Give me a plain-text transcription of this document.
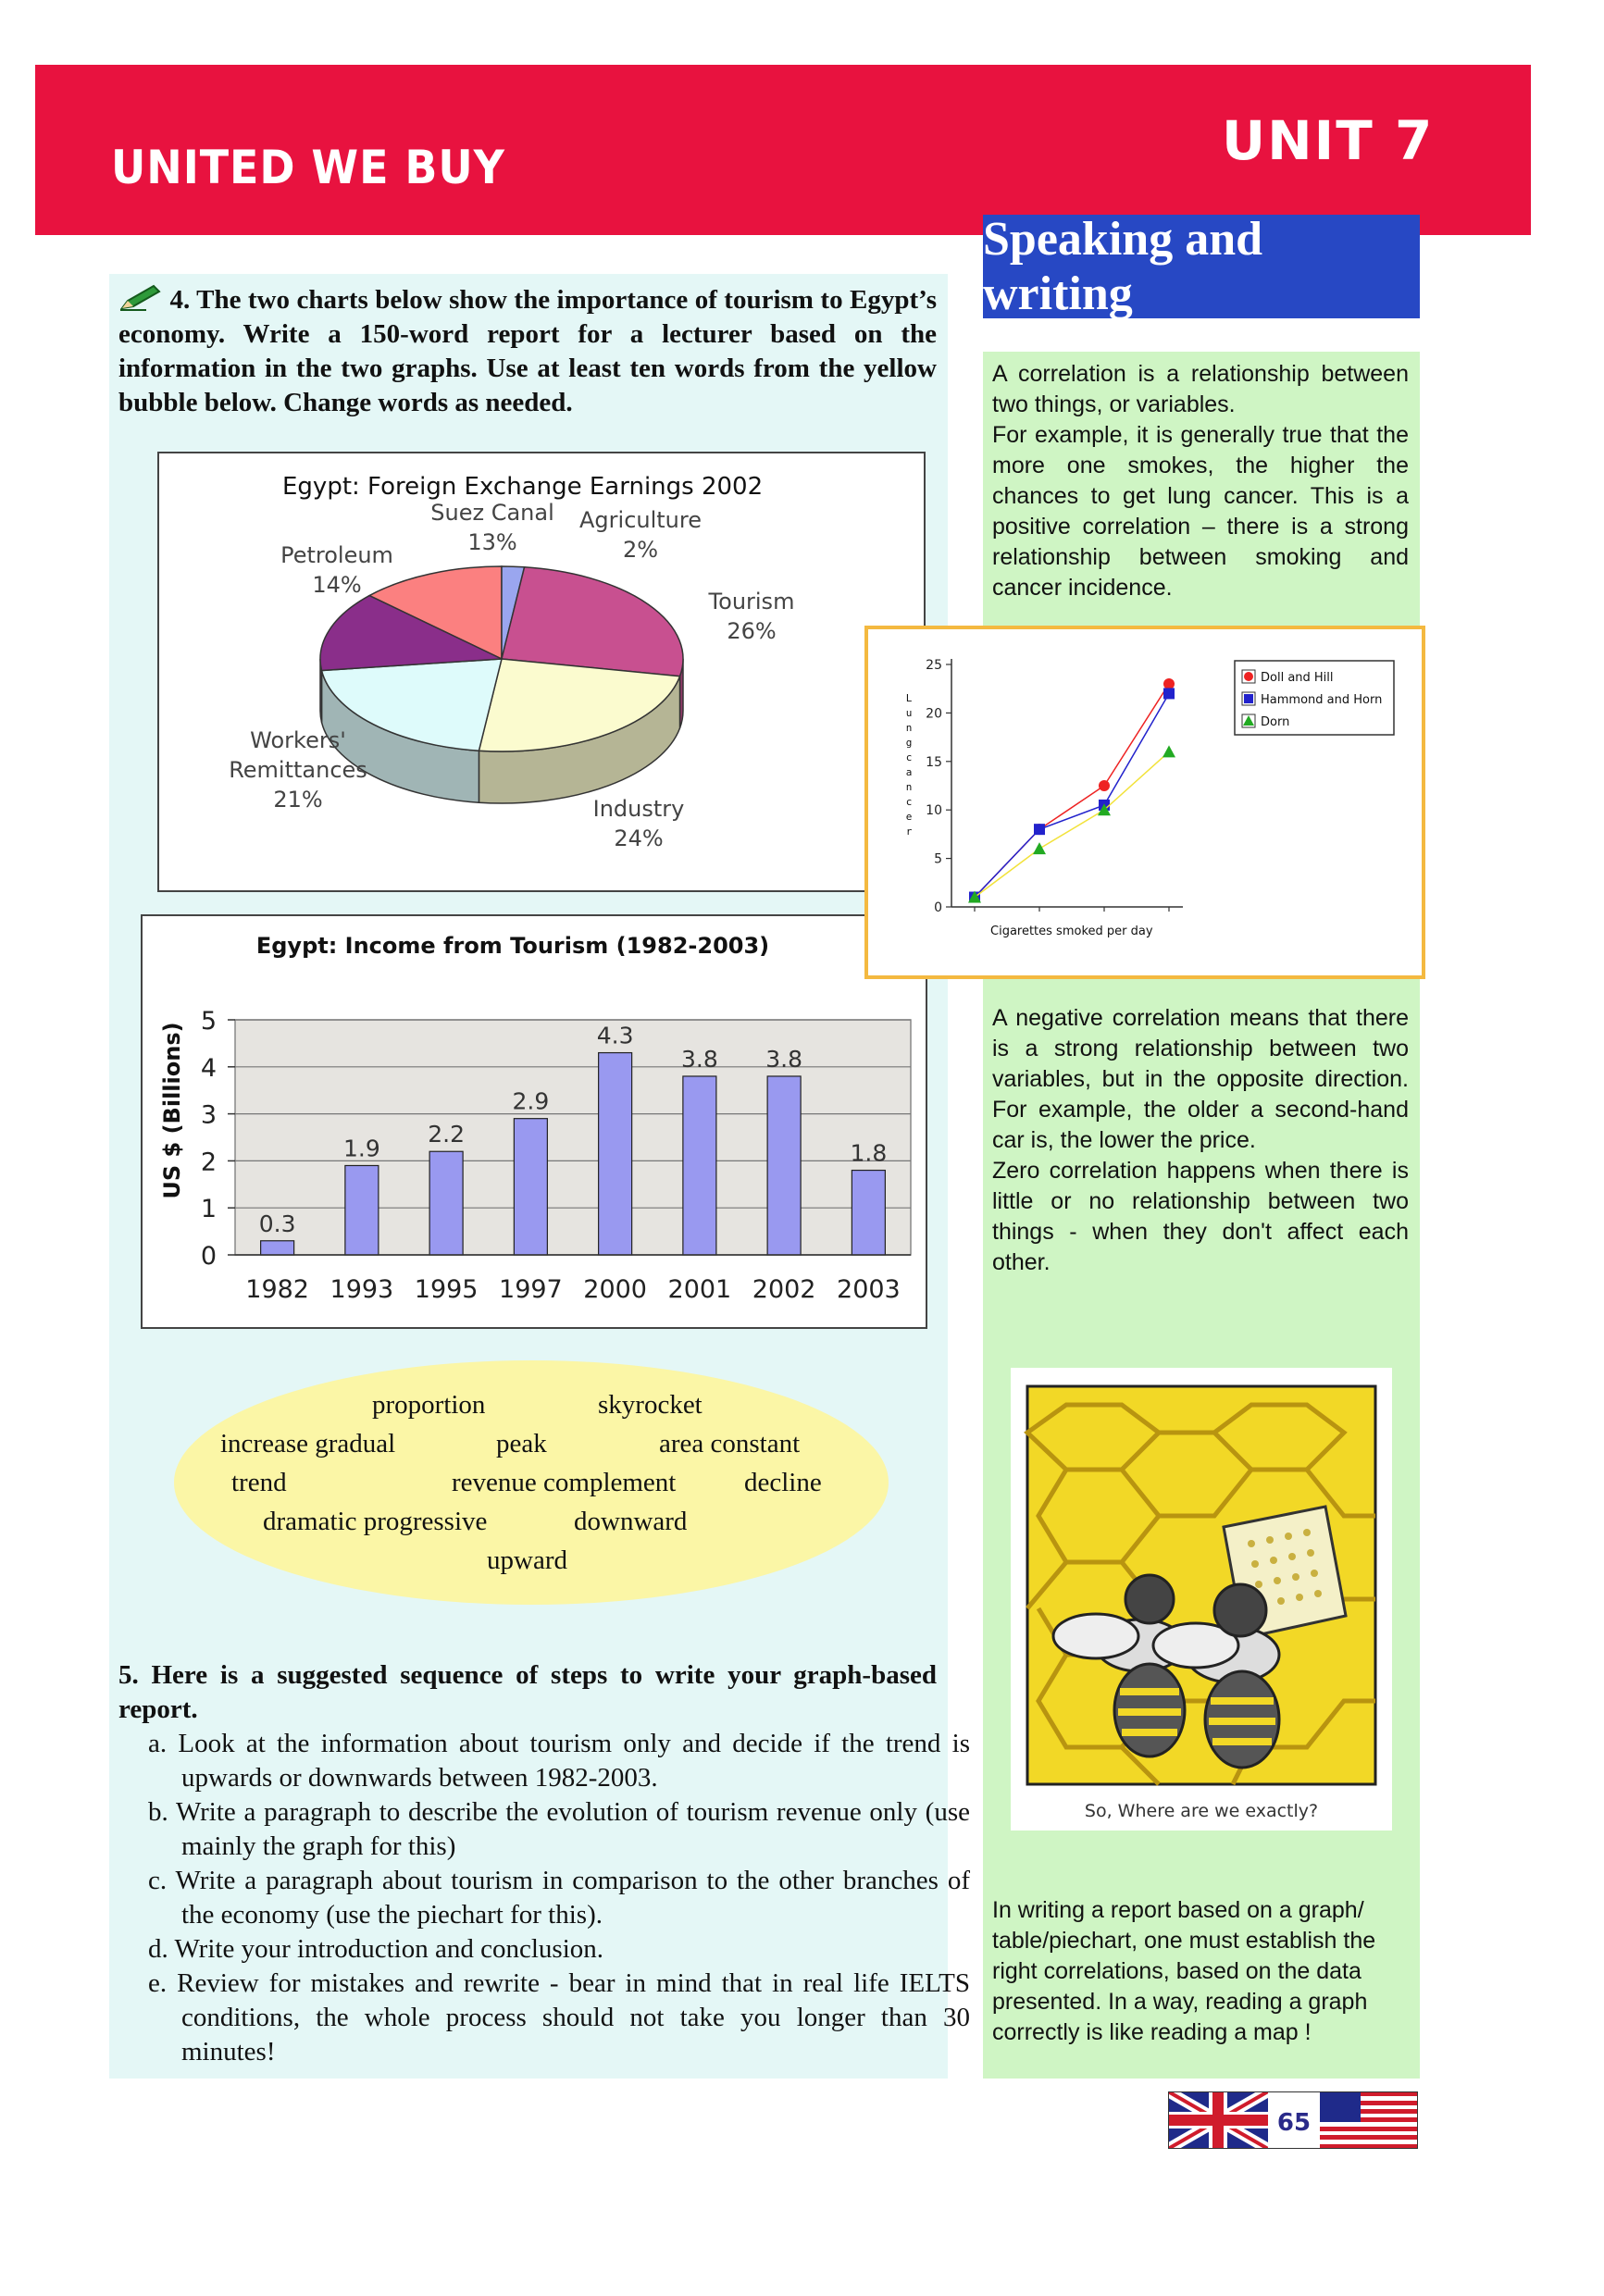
UNITED WE BUY	UNIT 7
Speaking and writing
4. The two charts below show the importance of tourism to Egypt’s economy. Write a 150-word report for a lecturer based on the information in the two graphs. Use at least ten words from the yellow bubble below. Change words as needed.
Egypt: Foreign Exchange Earnings 2002
Suez Canal
13%
Agriculture
2%
Tourism
26%
Industry
24%
Workers'
Remittances
21%
Petroleum
14%
Egypt: Income from Tourism (1982-2003)
US $ (Billions)
0
1
2
3
4
5
0.3
1982
1.9
1993
2.2
1995
2.9
1997
4.3
2000
3.8
2001
3.8
2002
1.8
2003
Cigarettes smoked per day
L
u
n
g
c
a
n
c
e
r
0
5
10
15
20
25
Doll and Hill
Hammond and Horn
Dorn
A correlation is a relationship between two things, or variables.
For example, it is generally true that the more one smokes, the higher the chances to get lung cancer. This is a positive correlation – there is a strong relationship between smoking and cancer incidence.
A negative correlation means that there is a strong relationship between two variables, but in the opposite direction. For example, the older a second-hand car is, the lower the price.
Zero correlation happens when there is little or no relationship between two things - when they don't affect each other.
So, Where are we exactly?
proportion	skyrocket
increase gradual	peak	area constant
trend	revenue complement	decline
dramatic progressive	downward
upward
5. Here is a suggested sequence of steps to write your graph-based report.
a. Look at the information about tourism only and decide if the trend is upwards or downwards between 1982-2003.
b. Write a paragraph to describe the evolution of tourism revenue only (use mainly the graph for this)
c. Write a paragraph about tourism in comparison to the other branches of the economy (use the piechart for this).
d. Write your introduction and conclusion.
e. Review for mistakes and rewrite - bear in mind that in real life IELTS conditions, the whole process should not take you longer than 30 minutes!
In writing a report based on a graph/ table/piechart, one must establish the right correlations, based on the data presented. In a way, reading a graph correctly is like reading a map !
65
